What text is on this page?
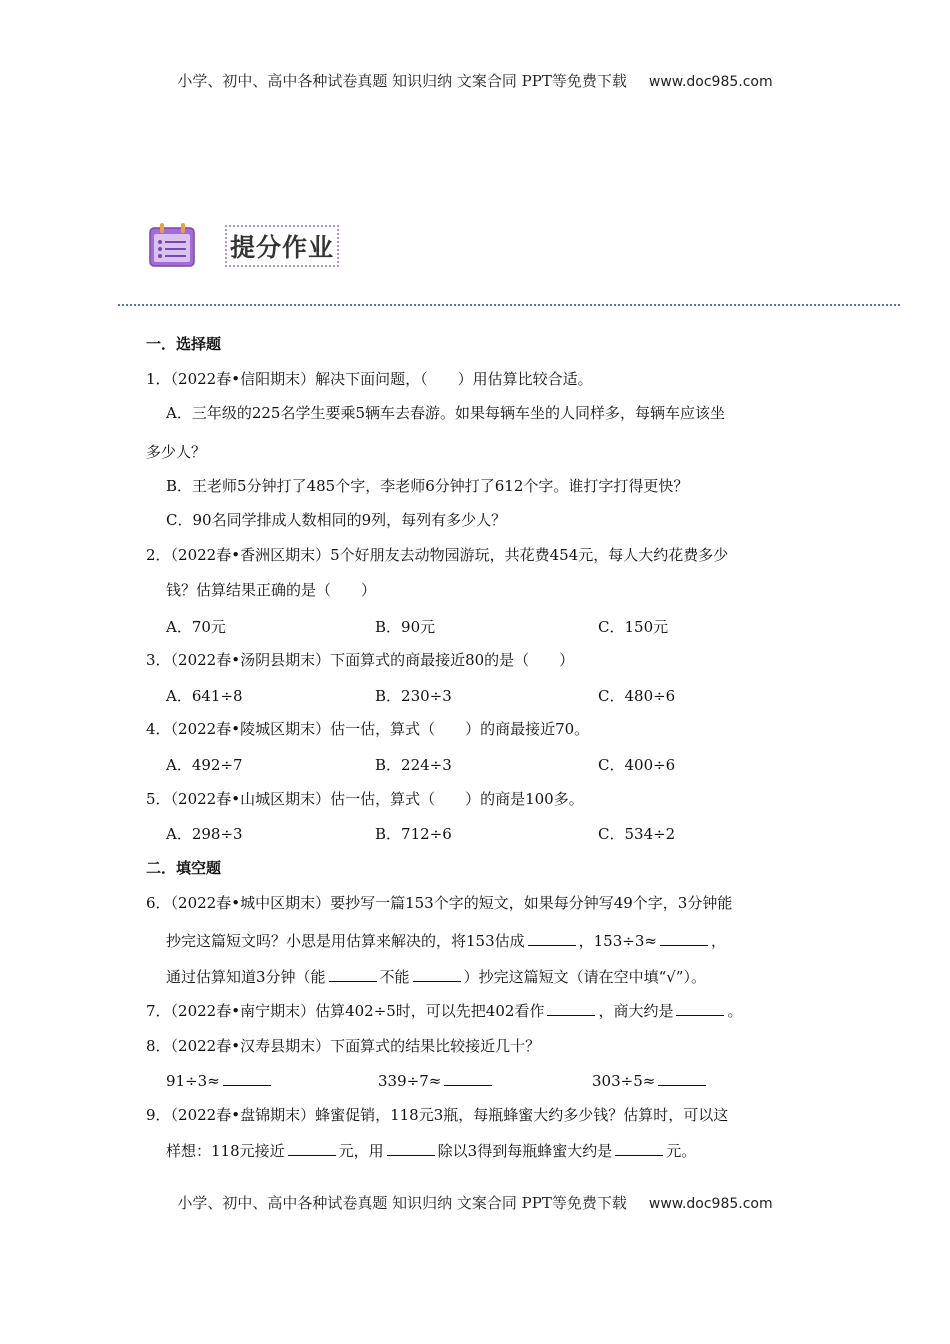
小学、初中、高中各种试卷真题 知识归纳 文案合同 PPT等免费下载 www.doc985.com
提分作业
一．选择题
1．（2022春•信阳期末）解决下面问题，（　　）用估算比较合适。
A．三年级的225名学生要乘5辆车去春游。如果每辆车坐的人同样多，每辆车应该坐
多少人？
B．王老师5分钟打了485个字，李老师6分钟打了612个字。谁打字打得更快？
C．90名同学排成人数相同的9列，每列有多少人？
2．（2022春•香洲区期末）5个好朋友去动物园游玩，共花费454元，每人大约花费多少
钱？估算结果正确的是（　　）
A．70元	B．90元	C．150元
3．（2022春•汤阴县期末）下面算式的商最接近80的是（　　）
A．641÷8	B．230÷3	C．480÷6
4．（2022春•陵城区期末）估一估，算式（　　）的商最接近70。
A．492÷7	B．224÷3	C．400÷6
5．（2022春•山城区期末）估一估，算式（　　）的商是100多。
A．298÷3	B．712÷6	C．534÷2
二．填空题
6．（2022春•城中区期末）要抄写一篇153个字的短文，如果每分钟写49个字，3分钟能
抄完这篇短文吗？小思是用估算来解决的，将153估成	，153÷3≈	，
通过估算知道3分钟（能	不能	）抄完这篇短文（请在空中填“√”）。
7．（2022春•南宁期末）估算402÷5时，可以先把402看作	，商大约是	。
8．（2022春•汉寿县期末）下面算式的结果比较接近几十？
91÷3≈	339÷7≈	303÷5≈
9．（2022春•盘锦期末）蜂蜜促销，118元3瓶，每瓶蜂蜜大约多少钱？估算时，可以这
样想：118元接近	元，用	除以3得到每瓶蜂蜜大约是	元。
小学、初中、高中各种试卷真题 知识归纳 文案合同 PPT等免费下载 www.doc985.com
